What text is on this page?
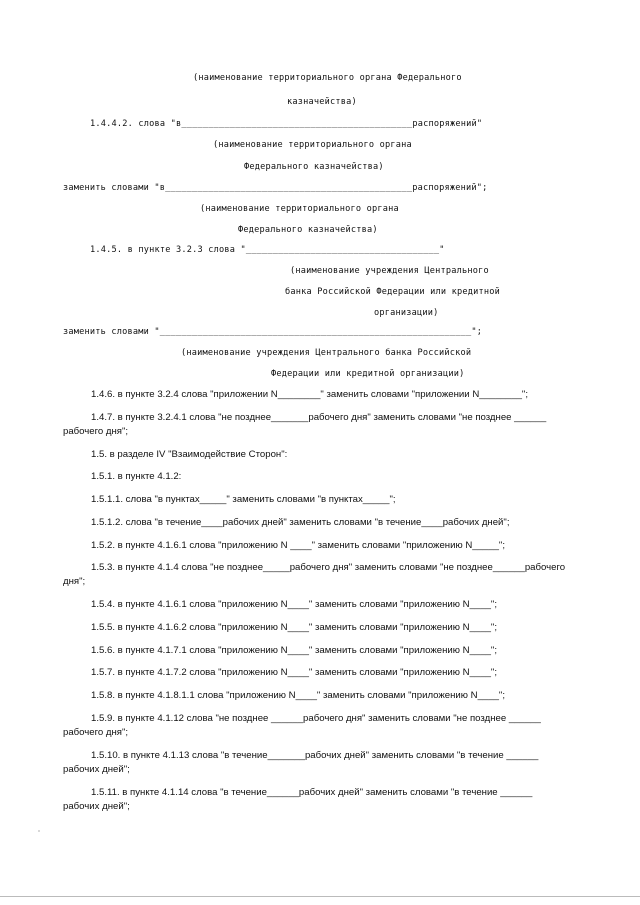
(наименование территориального органа Федерального
казначейства)
1.4.4.2. слова "в___________________________________________распоряжений"
(наименование территориального органа
Федерального казначейства)
заменить словами "в______________________________________________распоряжений";
(наименование территориального органа
Федерального казначейства)
1.4.5. в пункте 3.2.3 слова "____________________________________"
(наименование учреждения Центрального
банка Российской Федерации или кредитной
организации)
заменить словами "__________________________________________________________";
(наименование учреждения Центрального банка Российской
Федерации или кредитной организации)
1.4.6. в пункте 3.2.4 слова "приложении N________" заменить словами "приложении N________";
1.4.7. в пункте 3.2.4.1 слова "не позднее_______рабочего дня" заменить словами "не позднее ______
рабочего дня";
1.5. в разделе IV "Взаимодействие Сторон":
1.5.1. в пункте 4.1.2:
1.5.1.1. слова "в пунктах_____" заменить словами "в пунктах_____";
1.5.1.2. слова "в течение____рабочих дней" заменить словами "в течение____рабочих дней";
1.5.2. в пункте 4.1.6.1 слова "приложению N ____" заменить словами "приложению N_____";
1.5.3. в пункте 4.1.4 слова "не позднее_____рабочего дня" заменить словами "не позднее______рабочего
дня";
1.5.4. в пункте 4.1.6.1 слова "приложению N____" заменить словами "приложению N____";
1.5.5. в пункте 4.1.6.2 слова "приложению N____" заменить словами "приложению N____";
1.5.6. в пункте 4.1.7.1 слова "приложению N____" заменить словами "приложению N____";
1.5.7. в пункте 4.1.7.2 слова "приложению N____" заменить словами "приложению N____";
1.5.8. в пункте 4.1.8.1.1 слова "приложению N____" заменить словами "приложению N____";
1.5.9. в пункте 4.1.12 слова "не позднее ______рабочего дня" заменить словами "не позднее ______
рабочего дня";
1.5.10. в пункте 4.1.13 слова "в течение_______рабочих дней" заменить словами "в течение ______
рабочих дней";
1.5.11. в пункте 4.1.14 слова "в течение______рабочих дней" заменить словами "в течение ______
рабочих дней";
